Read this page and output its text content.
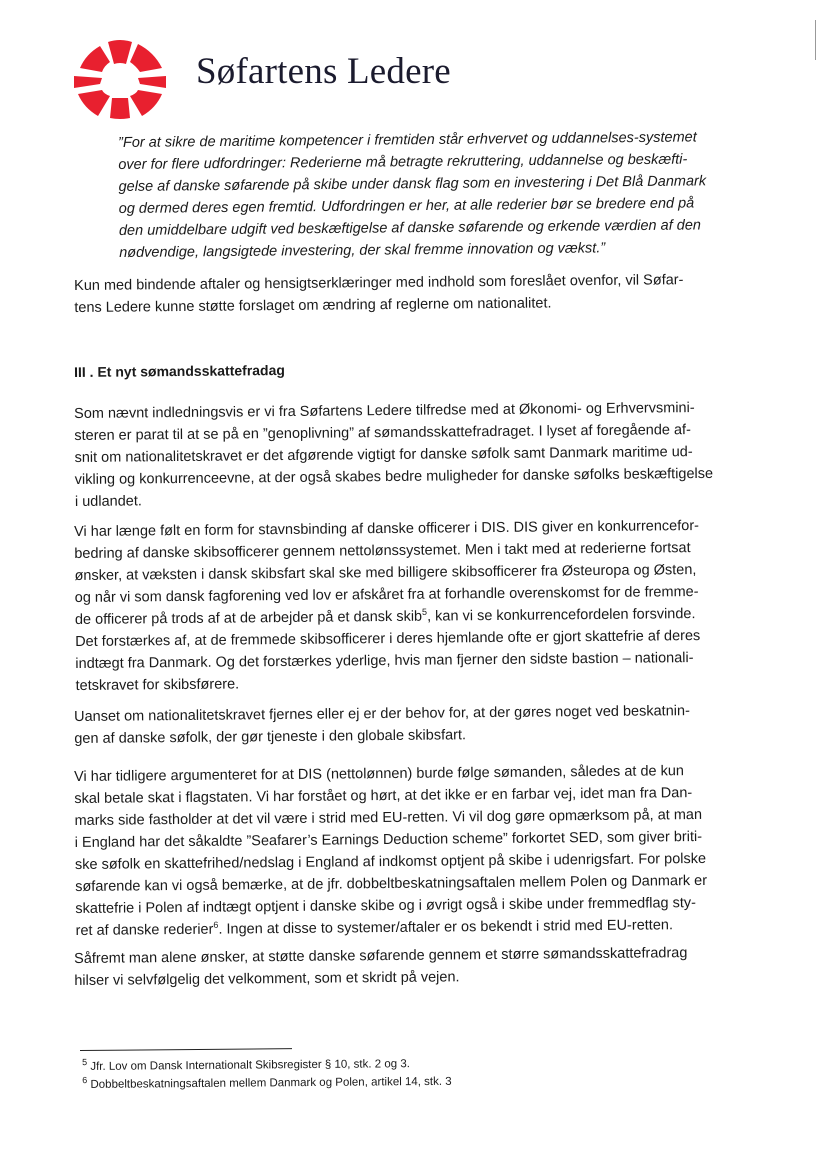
Søfartens Ledere
”For at sikre de maritime kompetencer i fremtiden står erhvervet og uddannelses-systemet
over for flere udfordringer: Rederierne må betragte rekruttering, uddannelse og beskæfti-
gelse af danske søfarende på skibe under dansk flag som en investering i Det Blå Danmark
og dermed deres egen fremtid. Udfordringen er her, at alle rederier bør se bredere end på
den umiddelbare udgift ved beskæftigelse af danske søfarende og erkende værdien af den
nødvendige, langsigtede investering, der skal fremme innovation og vækst.”
Kun med bindende aftaler og hensigtserklæringer med indhold som foreslået ovenfor, vil Søfar-
tens Ledere kunne støtte forslaget om ændring af reglerne om nationalitet.
III . Et nyt sømandsskattefradag
Som nævnt indledningsvis er vi fra Søfartens Ledere tilfredse med at Økonomi- og Erhvervsmini-
steren er parat til at se på en ”genoplivning” af sømandsskattefradraget. I lyset af foregående af-
snit om nationalitetskravet er det afgørende vigtigt for danske søfolk samt Danmark maritime ud-
vikling og konkurrenceevne, at der også skabes bedre muligheder for danske søfolks beskæftigelse
i udlandet.
Vi har længe følt en form for stavnsbinding af danske officerer i DIS. DIS giver en konkurrencefor-
bedring af danske skibsofficerer gennem nettolønssystemet. Men i takt med at rederierne fortsat
ønsker, at væksten i dansk skibsfart skal ske med billigere skibsofficerer fra Østeuropa og Østen,
og når vi som dansk fagforening ved lov er afskåret fra at forhandle overenskomst for de fremme-
de officerer på trods af at de arbejder på et dansk skib$^5$, kan vi se konkurrencefordelen forsvinde.
Det forstærkes af, at de fremmede skibsofficerer i deres hjemlande ofte er gjort skattefrie af deres
indtægt fra Danmark. Og det forstærkes yderlige, hvis man fjerner den sidste bastion – nationali-
tetskravet for skibsførere.
Uanset om nationalitetskravet fjernes eller ej er der behov for, at der gøres noget ved beskatnin-
gen af danske søfolk, der gør tjeneste i den globale skibsfart.
Vi har tidligere argumenteret for at DIS (nettolønnen) burde følge sømanden, således at de kun
skal betale skat i flagstaten. Vi har forstået og hørt, at det ikke er en farbar vej, idet man fra Dan-
marks side fastholder at det vil være i strid med EU-retten. Vi vil dog gøre opmærksom på, at man
i England har det såkaldte ”Seafarer’s Earnings Deduction scheme” forkortet SED, som giver briti-
ske søfolk en skattefrihed/nedslag i England af indkomst optjent på skibe i udenrigsfart. For polske
søfarende kan vi også bemærke, at de jfr. dobbeltbeskatningsaftalen mellem Polen og Danmark er
skattefrie i Polen af indtægt optjent i danske skibe og i øvrigt også i skibe under fremmedflag sty-
ret af danske rederier$^6$. Ingen at disse to systemer/aftaler er os bekendt i strid med EU-retten.
Såfremt man alene ønsker, at støtte danske søfarende gennem et større sømandsskattefradrag
hilser vi selvfølgelig det velkomment, som et skridt på vejen.
$^5$ Jfr. Lov om Dansk Internationalt Skibsregister § 10, stk. 2 og 3.
$^6$ Dobbeltbeskatningsaftalen mellem Danmark og Polen, artikel 14, stk. 3
